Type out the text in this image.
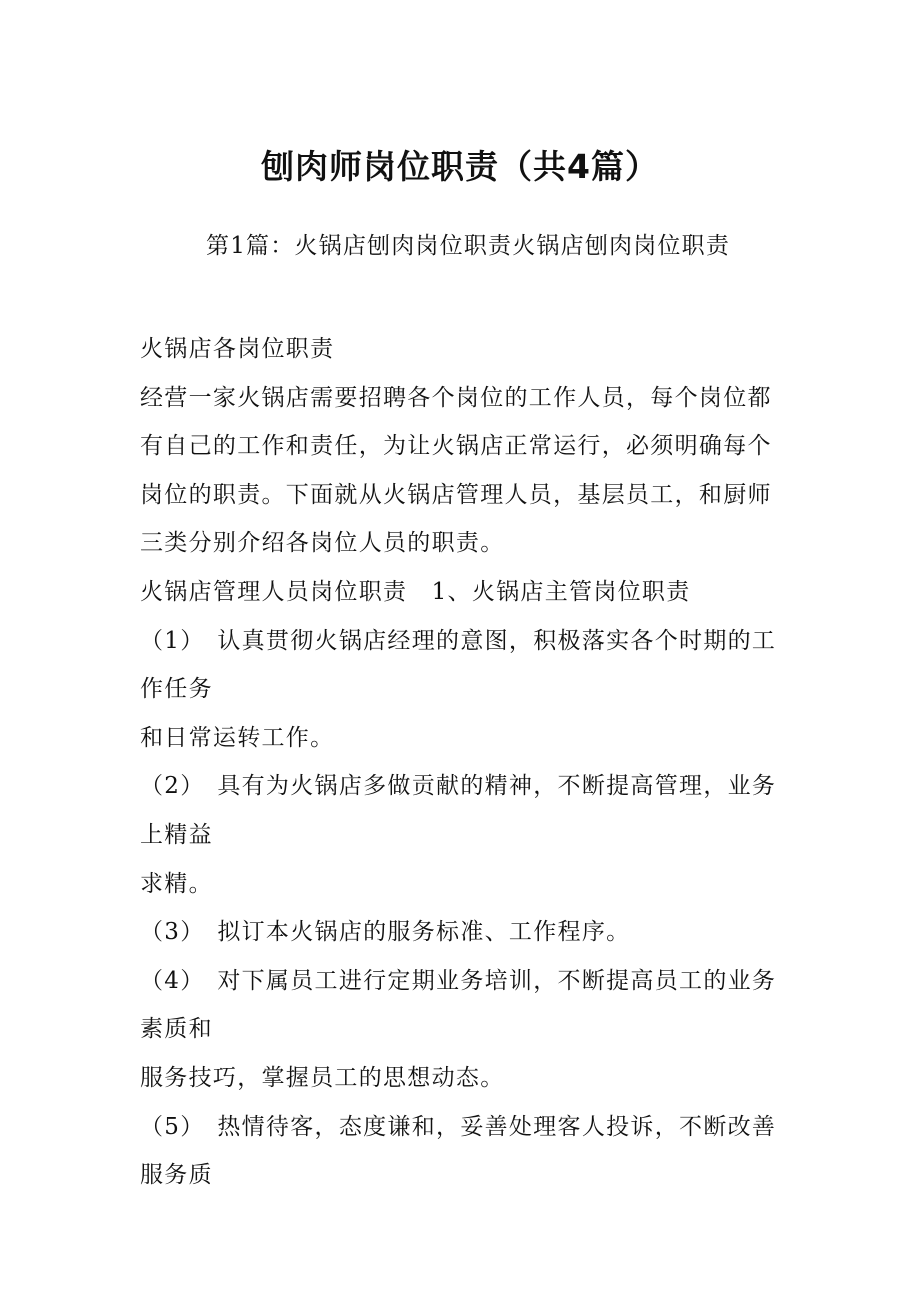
刨肉师岗位职责（共4篇）
第1篇：火锅店刨肉岗位职责火锅店刨肉岗位职责
火锅店各岗位职责
经营一家火锅店需要招聘各个岗位的工作人员，每个岗位都
有自己的工作和责任，为让火锅店正常运行，必须明确每个
岗位的职责。下面就从火锅店管理人员，基层员工，和厨师
三类分别介绍各岗位人员的职责。
火锅店管理人员岗位职责　1、火锅店主管岗位职责
（1）　认真贯彻火锅店经理的意图，积极落实各个时期的工
作任务
和日常运转工作。
（2）　具有为火锅店多做贡献的精神，不断提高管理，业务
上精益
求精。
（3）　拟订本火锅店的服务标准、工作程序。
（4）　对下属员工进行定期业务培训，不断提高员工的业务
素质和
服务技巧，掌握员工的思想动态。
（5）　热情待客，态度谦和，妥善处理客人投诉，不断改善
服务质
